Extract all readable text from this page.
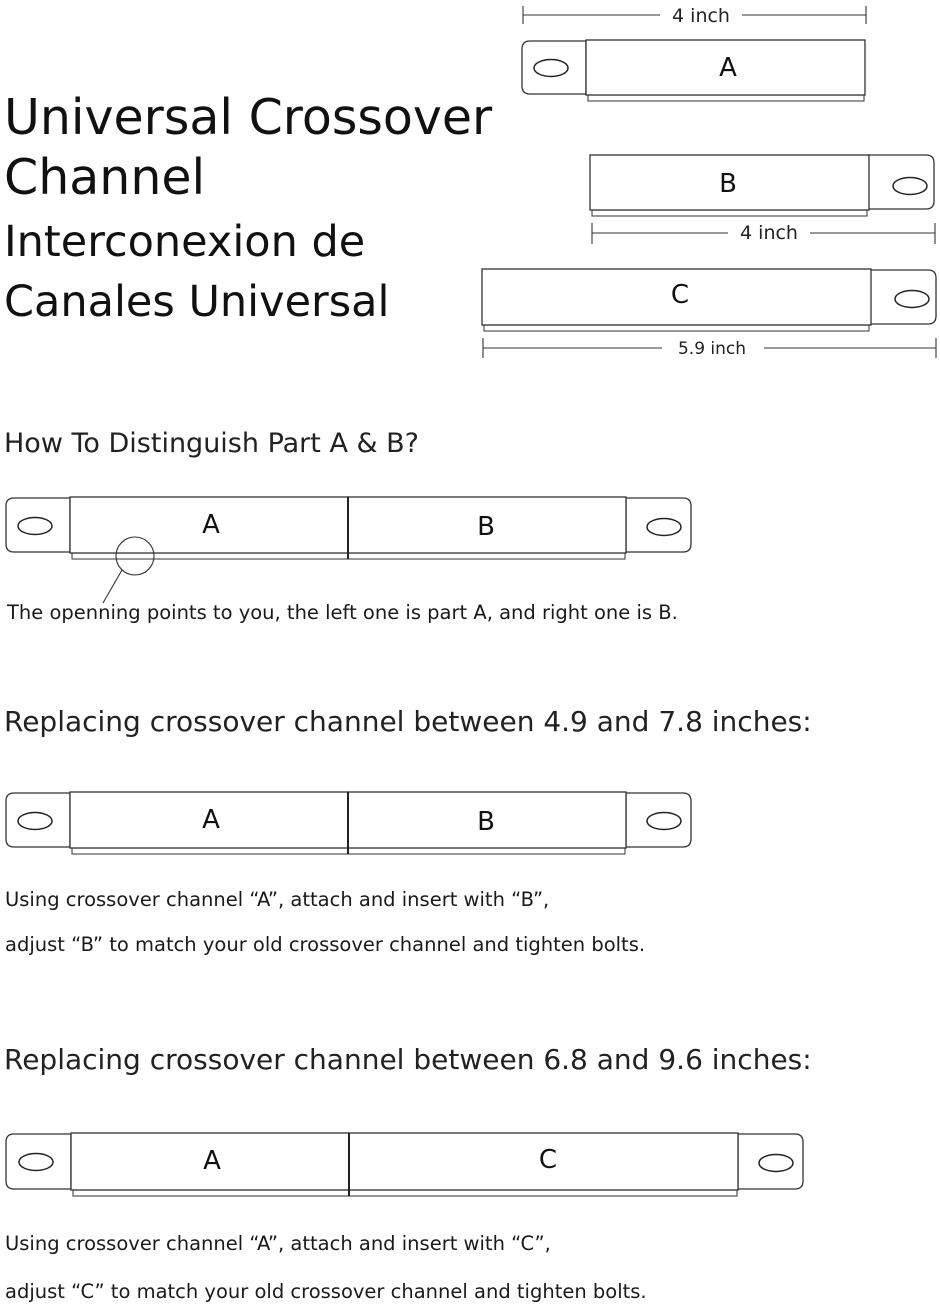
Universal Crossover
Channel
Interconexion de
Canales Universal
How To Distinguish Part A & B?
Replacing crossover channel between 4.9 and 7.8 inches:
Replacing crossover channel between 6.8 and 9.6 inches:
The openning points to you, the left one is part A, and right one is B.
Using crossover channel “A”, attach and insert with “B”,
adjust “B” to match your old crossover channel and tighten bolts.
Using crossover channel “A”, attach and insert with “C”,
adjust “C” to match your old crossover channel and tighten bolts.
4 inch
A
B
4 inch
C
5.9 inch
A	B
A	B
A	C
